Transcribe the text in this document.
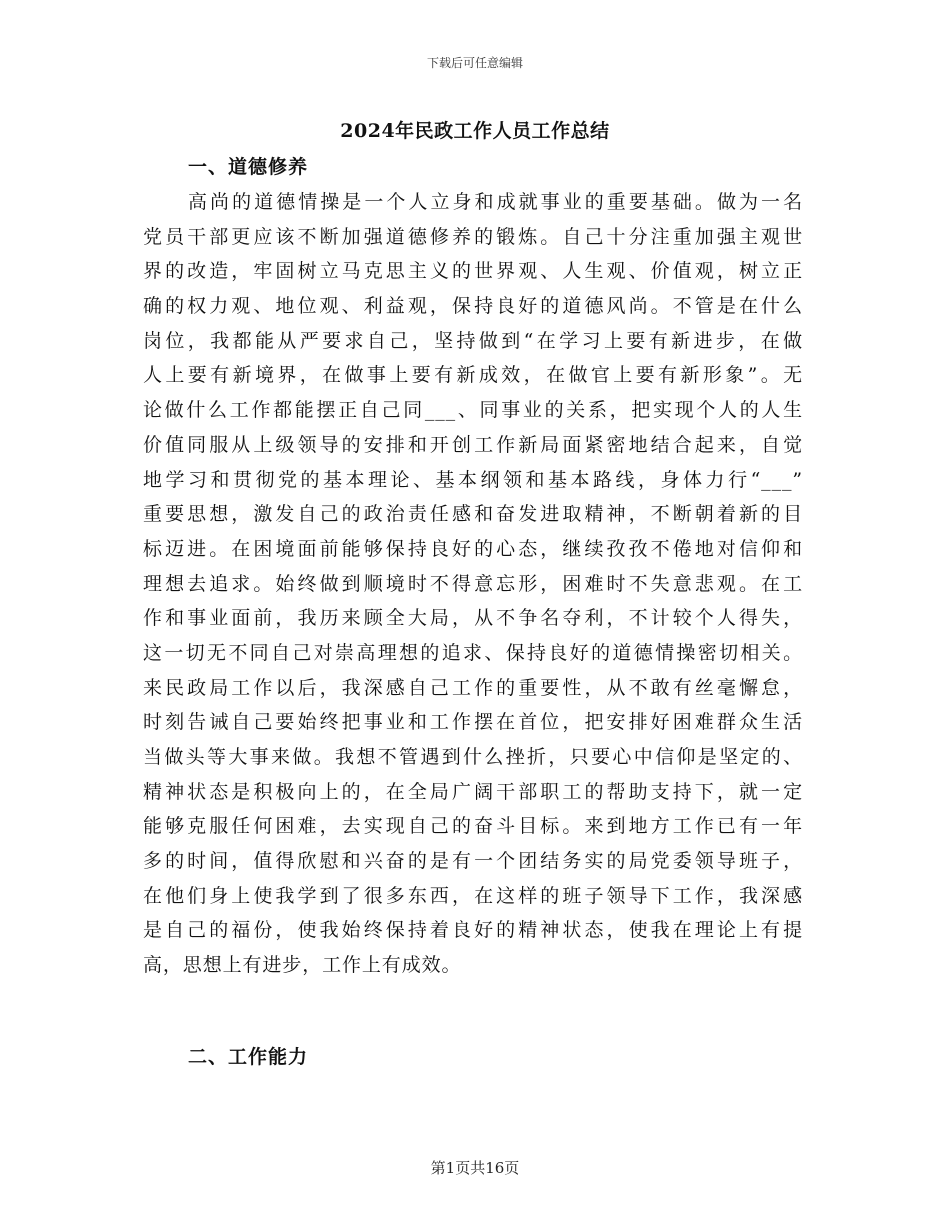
下载后可任意编辑
2024年民政工作人员工作总结
一、道德修养
高尚的道德情操是一个人立身和成就事业的重要基础。做为一名
党员干部更应该不断加强道德修养的锻炼。自己十分注重加强主观世
界的改造，牢固树立马克思主义的世界观、人生观、价值观，树立正
确的权力观、地位观、利益观，保持良好的道德风尚。不管是在什么
岗位，我都能从严要求自己，坚持做到“在学习上要有新进步，在做
人上要有新境界，在做事上要有新成效，在做官上要有新形象”。无
论做什么工作都能摆正自己同___、同事业的关系，把实现个人的人生
价值同服从上级领导的安排和开创工作新局面紧密地结合起来，自觉
地学习和贯彻党的基本理论、基本纲领和基本路线，身体力行“___”
重要思想，激发自己的政治责任感和奋发进取精神，不断朝着新的目
标迈进。在困境面前能够保持良好的心态，继续孜孜不倦地对信仰和
理想去追求。始终做到顺境时不得意忘形，困难时不失意悲观。在工
作和事业面前，我历来顾全大局，从不争名夺利，不计较个人得失，
这一切无不同自己对崇高理想的追求、保持良好的道德情操密切相关。
来民政局工作以后，我深感自己工作的重要性，从不敢有丝毫懈怠，
时刻告诫自己要始终把事业和工作摆在首位，把安排好困难群众生活
当做头等大事来做。我想不管遇到什么挫折，只要心中信仰是坚定的、
精神状态是积极向上的，在全局广阔干部职工的帮助支持下，就一定
能够克服任何困难，去实现自己的奋斗目标。来到地方工作已有一年
多的时间，值得欣慰和兴奋的是有一个团结务实的局党委领导班子，
在他们身上使我学到了很多东西，在这样的班子领导下工作，我深感
是自己的福份，使我始终保持着良好的精神状态，使我在理论上有提
高，思想上有进步，工作上有成效。
二、工作能力
第1页共16页
